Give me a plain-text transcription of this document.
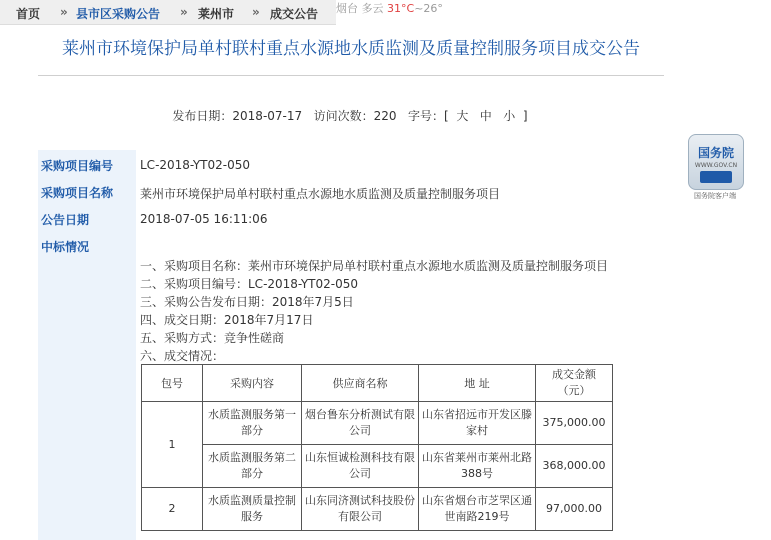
首页 » 县市区采购公告 » 莱州市 » 成交公告 烟台 多云 31°C~26°
莱州市环境保护局单村联村重点水源地水质监测及质量控制服务项目成交公告
发布日期：2018-07-17 访问次数：220 字号：[ 大 中 小 ]
采购项目编号 LC-2018-YT02-050
采购项目名称 莱州市环境保护局单村联村重点水源地水质监测及质量控制服务项目
公告日期	2018-07-05 16:11:06
中标情况
一、采购项目名称：莱州市环境保护局单村联村重点水源地水质监测及质量控制服务项目
二、采购项目编号：LC-2018-YT02-050
三、采购公告发布日期：2018年7月5日
四、成交日期：2018年7月17日
五、采购方式：竞争性磋商
六、成交情况：
包号	采购内容	供应商名称	地 址	成交金额
（元）
1	水质监测服务第一部分	烟台鲁东分析测试有限公司	山东省招远市开发区滕家村	375,000.00
	水质监测服务第二部分	山东恒诚检测科技有限公司	山东省莱州市莱州北路388号	368,000.00
2	水质监测质量控制服务	山东同济测试科技股份有限公司	山东省烟台市芝罘区通世南路219号	97,000.00
国务院
WWW.GOV.CN
国务院客户端
